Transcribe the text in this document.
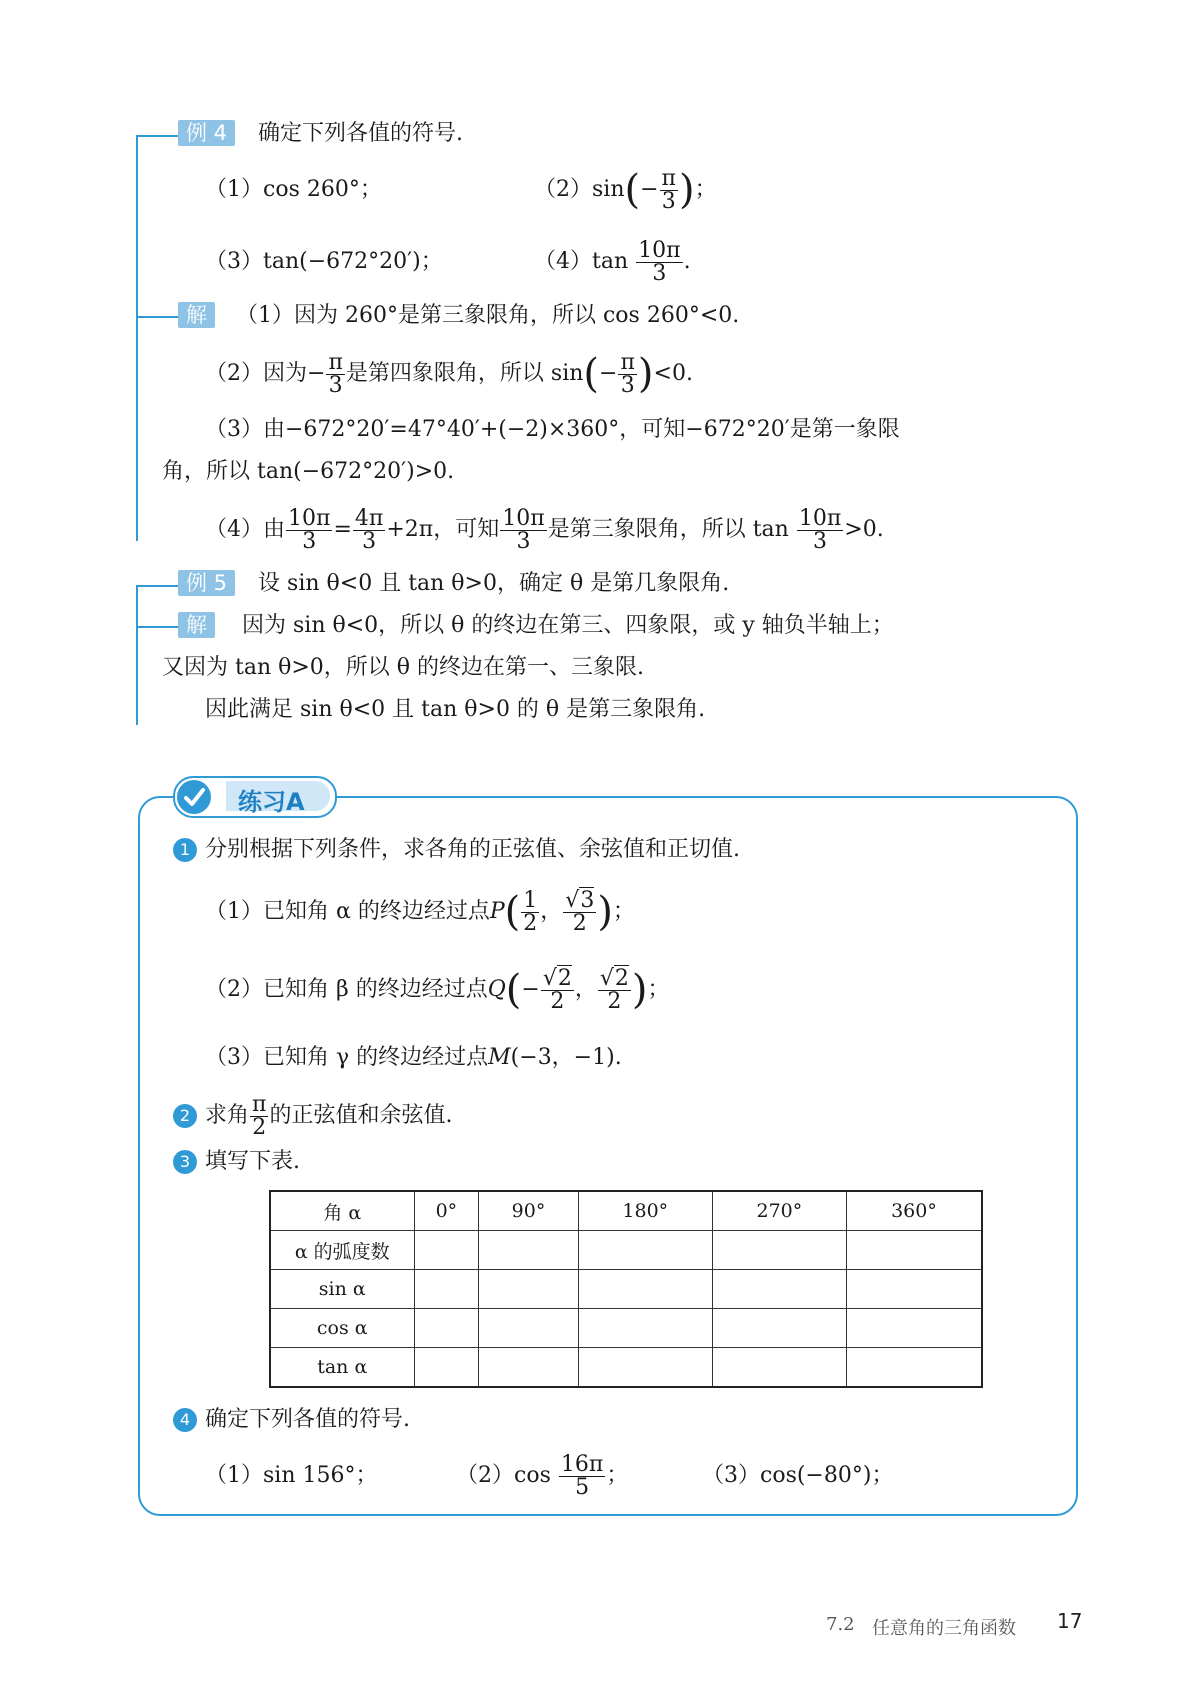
例 4 确定下列各值的符号.
（1）cos 260°；	$(2)\sin(- \frac{\pi}{3}$ )；
（3）tan(−672°20′)；	$(4)\tan \frac{10\pi}{3}$ .
解 （1）因为 260°是第三象限角，所以 cos 260°<0.
（2）因为− $\frac{\pi}{3}$ 是第四象限角，所以 $\sin(- \frac{\pi}{3} )<0$.
（3）由−672°20′=47°40′+(−2)×360°，可知−672°20′是第一象限
角，所以 tan(−672°20′)>0.
（4）由 $\frac{10\pi}{3} = \frac{4\pi}{3} +2\pi$，可知 $\frac{10\pi}{3}$ 是第三象限角，所以 $\tan \frac{10\pi}{3} >0$.
例 5 设 sin θ<0 且 tan θ>0，确定 θ 是第几象限角.
解 因为 sin θ<0，所以 θ 的终边在第三、四象限，或 y 轴负半轴上；
又因为 tan θ>0，所以 θ 的终边在第一、三象限.
因此满足 sin θ<0 且 tan θ>0 的 θ 是第三象限角.
练习A
1 分别根据下列条件，求各角的正弦值、余弦值和正切值.
（1）已知角 α 的终边经过点$P( \frac{1}{2}$ ， $\frac{√3}{2}$ )；
（2）已知角 β 的终边经过点$Q(- \frac{√2}{2}$ ， $\frac{√2}{2}$ )；
（3）已知角 γ 的终边经过点M(−3，−1).
2 求角 $\frac{\pi}{2}$ 的正弦值和余弦值.
3 填写下表.
角 α	0°	90°	180°	270°	360°
α 的弧度数					
sin α					
cos α					
tan α					
4 确定下列各值的符号.
（1）sin 156°；	$(2)\cos \frac{16\pi}{5}$ ；	（3）cos(−80°)；
7.2 任意角的三角函数 17
